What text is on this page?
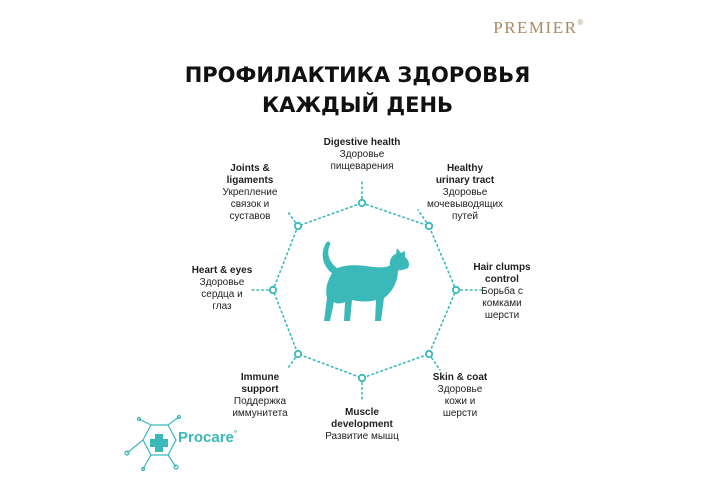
PREMIER®
ПРОФИЛАКТИКА ЗДОРОВЬЯ
КАЖДЫЙ ДЕНЬ
Digestive health
Здоровье пищеварения	Healthy urinary tract
Здоровье мочевыводящих путей
Hair clumps control
Борьба с комками шерсти
Skin & coat
Здоровье кожи и шерсти
Muscle development
Развитие мышц
Immune support
Поддержка иммунитета
Heart & eyes
Здоровье сердца и глаз
Joints & ligaments
Укрепление связок и суставов
Procare°
